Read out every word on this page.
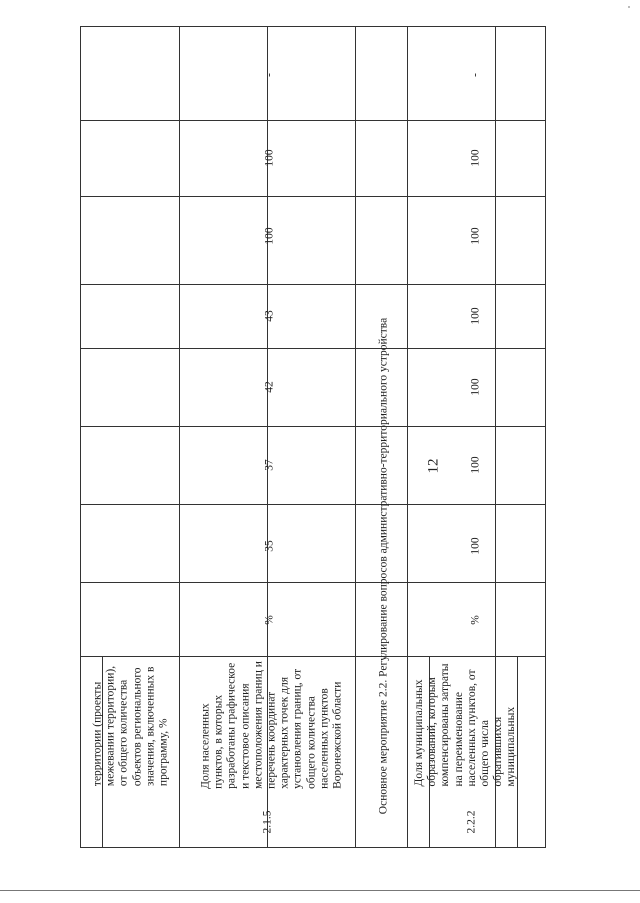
12
территории (проекты межевании территории), от общего количества объектов регионального значения, включенных в программу, %
2.1.5
Доля населенных пунктов, в которых разработаны графическое и текстовое описания местоположения границ и перечень координат характерных точек для установления границ, от общего количества населенных пунктов Воронежской области
%
35
37
42
43
100
100
-
Основное мероприятие 2.2. Регулирование вопросов административно-территориального устройства
2.2.2
Доля муниципальных образований, которым компенсированы затраты на переименование населенных пунктов, от общего числа обратившихся муниципальных
%
100
100
100
100
100
100
-
